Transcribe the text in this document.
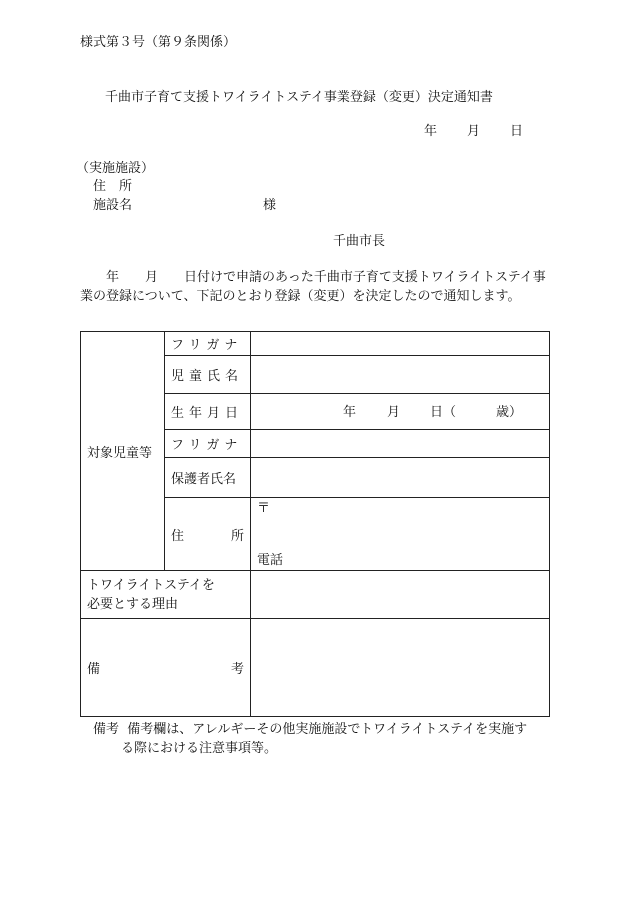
様式第３号（第９条関係）
千曲市子育て支援トワイライトステイ事業登録（変更）決定通知書
年 月 日
（実施施設）
住　所
施設名	様
千曲市長
年　　月　　日付けで申請のあった千曲市子育て支援トワイライトステイ事業の登録について、下記のとおり登録（変更）を決定したので通知します。
対象児童等	フリガナ	
	児童氏名	
	生年月日	年 月 日（ 歳）

	フリガナ	
	保護者氏名	

	住 所	〒
電話

トワイライトステイを
必要とする理由		

備 考		

備考 備考欄は、アレルギーその他実施施設でトワイライトステイを実施す
る際における注意事項等。
